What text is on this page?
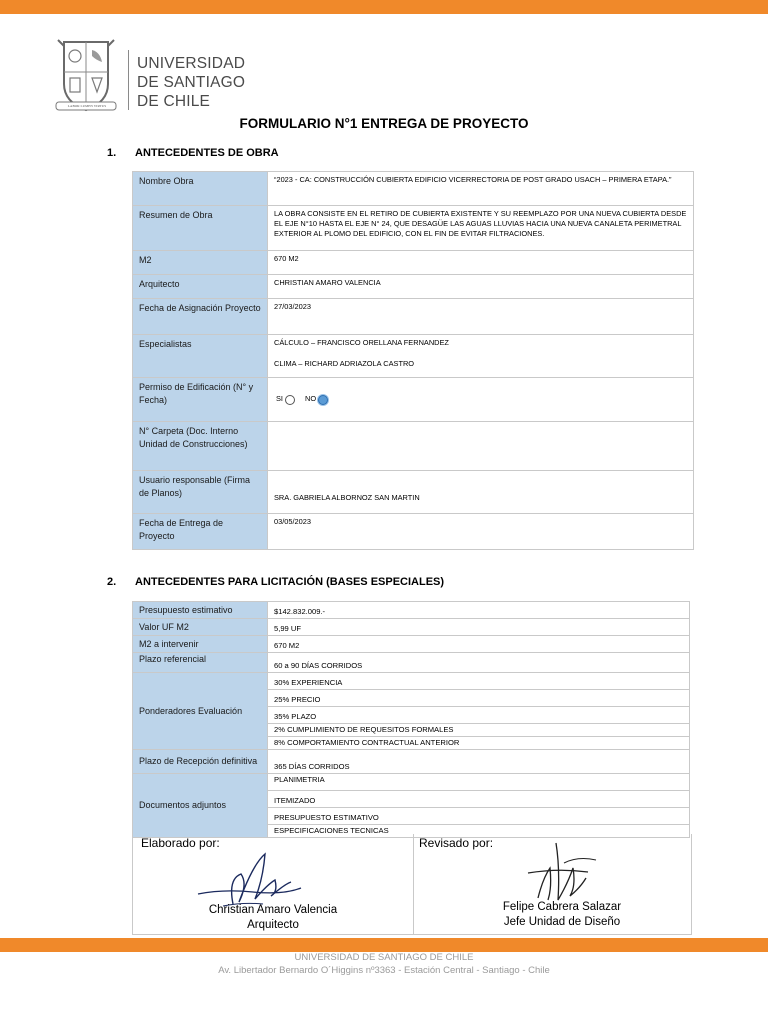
LABOR LUMEN VIRTUS
UNIVERSIDAD
DE SANTIAGO
DE CHILE
FORMULARIO N°1 ENTREGA DE PROYECTO
1. ANTECEDENTES DE OBRA
Nombre Obra	“2023 - CA: CONSTRUCCIÓN CUBIERTA EDIFICIO VICERRECTORIA DE POST GRADO USACH – PRIMERA ETAPA.”
Resumen de Obra	LA OBRA CONSISTE EN EL RETIRO DE CUBIERTA EXISTENTE Y SU REEMPLAZO POR UNA NUEVA CUBIERTA DESDE EL EJE N°10 HASTA EL EJE N° 24, QUE DESAGÜE LAS AGUAS LLUVIAS HACIA UNA NUEVA CANALETA PERIMETRAL EXTERIOR AL PLOMO DEL EDIFICIO, CON EL FIN DE EVITAR FILTRACIONES.
M2	670 M2
Arquitecto	CHRISTIAN AMARO VALENCIA
Fecha de Asignación Proyecto	27/03/2023
Especialistas	CÁLCULO – FRANCISCO ORELLANA FERNANDEZ
CLIMA – RICHARD ADRIAZOLA CASTRO

Permiso de Edificación (N° y Fecha)	SI NO
N° Carpeta (Doc. Interno Unidad de Construcciones)	
Usuario responsable (Firma de Planos)	SRA. GABRIELA ALBORNOZ SAN MARTIN
Fecha de Entrega de Proyecto	03/05/2023
2. ANTECEDENTES PARA LICITACIÓN (BASES ESPECIALES)
Presupuesto estimativo	$142.832.009.-
Valor UF M2	5,99 UF
M2 a intervenir	670 M2
Plazo referencial	60 a 90 DÍAS CORRIDOS
Ponderadores Evaluación	30% EXPERIENCIA
	25% PRECIO
	35% PLAZO
	2% CUMPLIMIENTO DE REQUESITOS FORMALES
	8% COMPORTAMIENTO CONTRACTUAL ANTERIOR
Plazo de Recepción definitiva	365 DÍAS CORRIDOS
Documentos adjuntos	PLANIMETRIA
	ITEMIZADO
	PRESUPUESTO ESTIMATIVO
	ESPECIFICACIONES TECNICAS
Elaborado por:
Christian Amaro Valencia
Arquitecto
Revisado por:
Felipe Cabrera Salazar
Jefe Unidad de Diseño
UNIVERSIDAD DE SANTIAGO DE CHILE
Av. Libertador Bernardo O´Higgins nº3363 - Estación Central - Santiago - Chile
